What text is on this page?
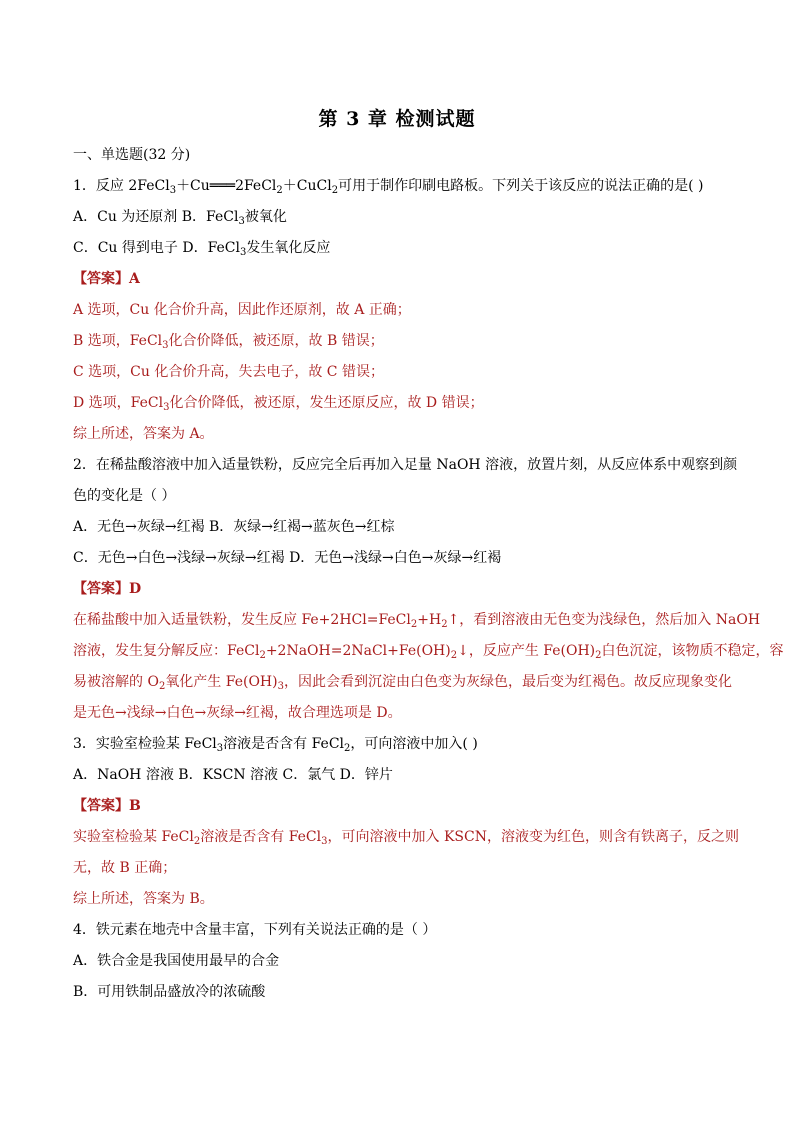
第 3 章 检测试题
一、单选题(32 分)
1．反应 2FeCl$_3$＋Cu═══2FeCl$_2$＋CuCl$_2$可用于制作印刷电路板。下列关于该反应的说法正确的是( )
A．Cu 为还原剂 B．FeCl$_3$被氧化
C．Cu 得到电子 D．FeCl$_3$发生氧化反应
【答案】A
A 选项，Cu 化合价升高，因此作还原剂，故 A 正确；
B 选项，FeCl$_3$化合价降低，被还原，故 B 错误；
C 选项，Cu 化合价升高，失去电子，故 C 错误；
D 选项，FeCl$_3$化合价降低，被还原，发生还原反应，故 D 错误；
综上所述，答案为 A。
2．在稀盐酸溶液中加入适量铁粉，反应完全后再加入足量 NaOH 溶液，放置片刻，从反应体系中观察到颜
色的变化是（ ）
A．无色→灰绿→红褐 B．灰绿→红褐→蓝灰色→红棕
C．无色→白色→浅绿→灰绿→红褐 D．无色→浅绿→白色→灰绿→红褐
【答案】D
在稀盐酸中加入适量铁粉，发生反应 $Fe+2HCl=FeCl_2+H_2↑$，看到溶液由无色变为浅绿色，然后加入 NaOH
溶液，发生复分解反应：$FeCl_2+2NaOH=2NaCl+Fe(OH)_2↓$，反应产生 $Fe(OH)_2$白色沉淀，该物质不稳定，容
易被溶解的 $O_2$氧化产生 $Fe(OH)_3$，因此会看到沉淀由白色变为灰绿色，最后变为红褐色。故反应现象变化
是无色→浅绿→白色→灰绿→红褐，故合理选项是 D。
3．实验室检验某 FeCl$_3$溶液是否含有 FeCl$_2$，可向溶液中加入( )
A．NaOH 溶液 B．KSCN 溶液 C．氯气 D．锌片
【答案】B
实验室检验某 FeCl$_2$溶液是否含有 FeCl$_3$，可向溶液中加入 KSCN，溶液变为红色，则含有铁离子，反之则
无，故 B 正确；
综上所述，答案为 B。
4．铁元素在地壳中含量丰富，下列有关说法正确的是（ ）
A．铁合金是我国使用最早的合金
B．可用铁制品盛放冷的浓硫酸
